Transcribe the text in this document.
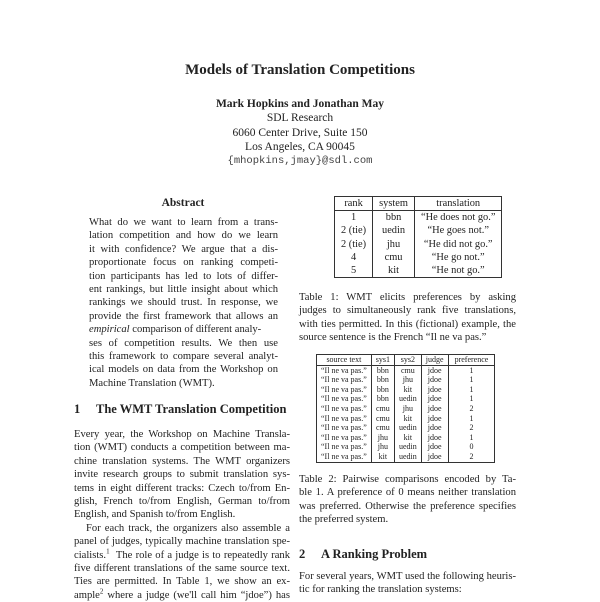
Models of Translation Competitions
Mark Hopkins and Jonathan May
SDL Research
6060 Center Drive, Suite 150
Los Angeles, CA 90045
{mhopkins,jmay}@sdl.com
Abstract
What do we want to learn from a trans-
lation competition and how do we learn
it with confidence? We argue that a dis-
proportionate focus on ranking competi-
tion participants has led to lots of differ-
ent rankings, but little insight about which
rankings we should trust. In response, we
provide the first framework that allows an
empirical comparison of different analy-
ses of competition results. We then use
this framework to compare several analyt-
ical models on data from the Workshop on
Machine Translation (WMT).
1 The WMT Translation Competition
Every year, the Workshop on Machine Transla-
tion (WMT) conducts a competition between ma-
chine translation systems. The WMT organizers
invite research groups to submit translation sys-
tems in eight different tracks: Czech to/from En-
glish, French to/from English, German to/from
English, and Spanish to/from English.
For each track, the organizers also assemble a
panel of judges, typically machine translation spe-
cialists.$^1$ The role of a judge is to repeatedly rank
five different translations of the same source text.
Ties are permitted. In Table 1, we show an ex-
ample$^2$ where a judge (we'll call him “jdoe”) has
rank	system	translation
1	bbn	“He does not go.”
2 (tie)	uedin	“He goes not.”
2 (tie)	jhu	“He did not go.”
4	cmu	“He go not.”
5	kit	“He not go.”
Table 1: WMT elicits preferences by asking
judges to simultaneously rank five translations,
with ties permitted. In this (fictional) example, the
source sentence is the French “Il ne va pas.”
source text	sys1	sys2	judge	preference
“Il ne va pas.”	bbn	cmu	jdoe	1
“Il ne va pas.”	bbn	jhu	jdoe	1
“Il ne va pas.”	bbn	kit	jdoe	1
“Il ne va pas.”	bbn	uedin	jdoe	1
“Il ne va pas.”	cmu	jhu	jdoe	2
“Il ne va pas.”	cmu	kit	jdoe	1
“Il ne va pas.”	cmu	uedin	jdoe	2
“Il ne va pas.”	jhu	kit	jdoe	1
“Il ne va pas.”	jhu	uedin	jdoe	0
“Il ne va pas.”	kit	uedin	jdoe	2
Table 2: Pairwise comparisons encoded by Ta-
ble 1. A preference of 0 means neither translation
was preferred. Otherwise the preference specifies
the preferred system.
2 A Ranking Problem
For several years, WMT used the following heuris-
tic for ranking the translation systems:
